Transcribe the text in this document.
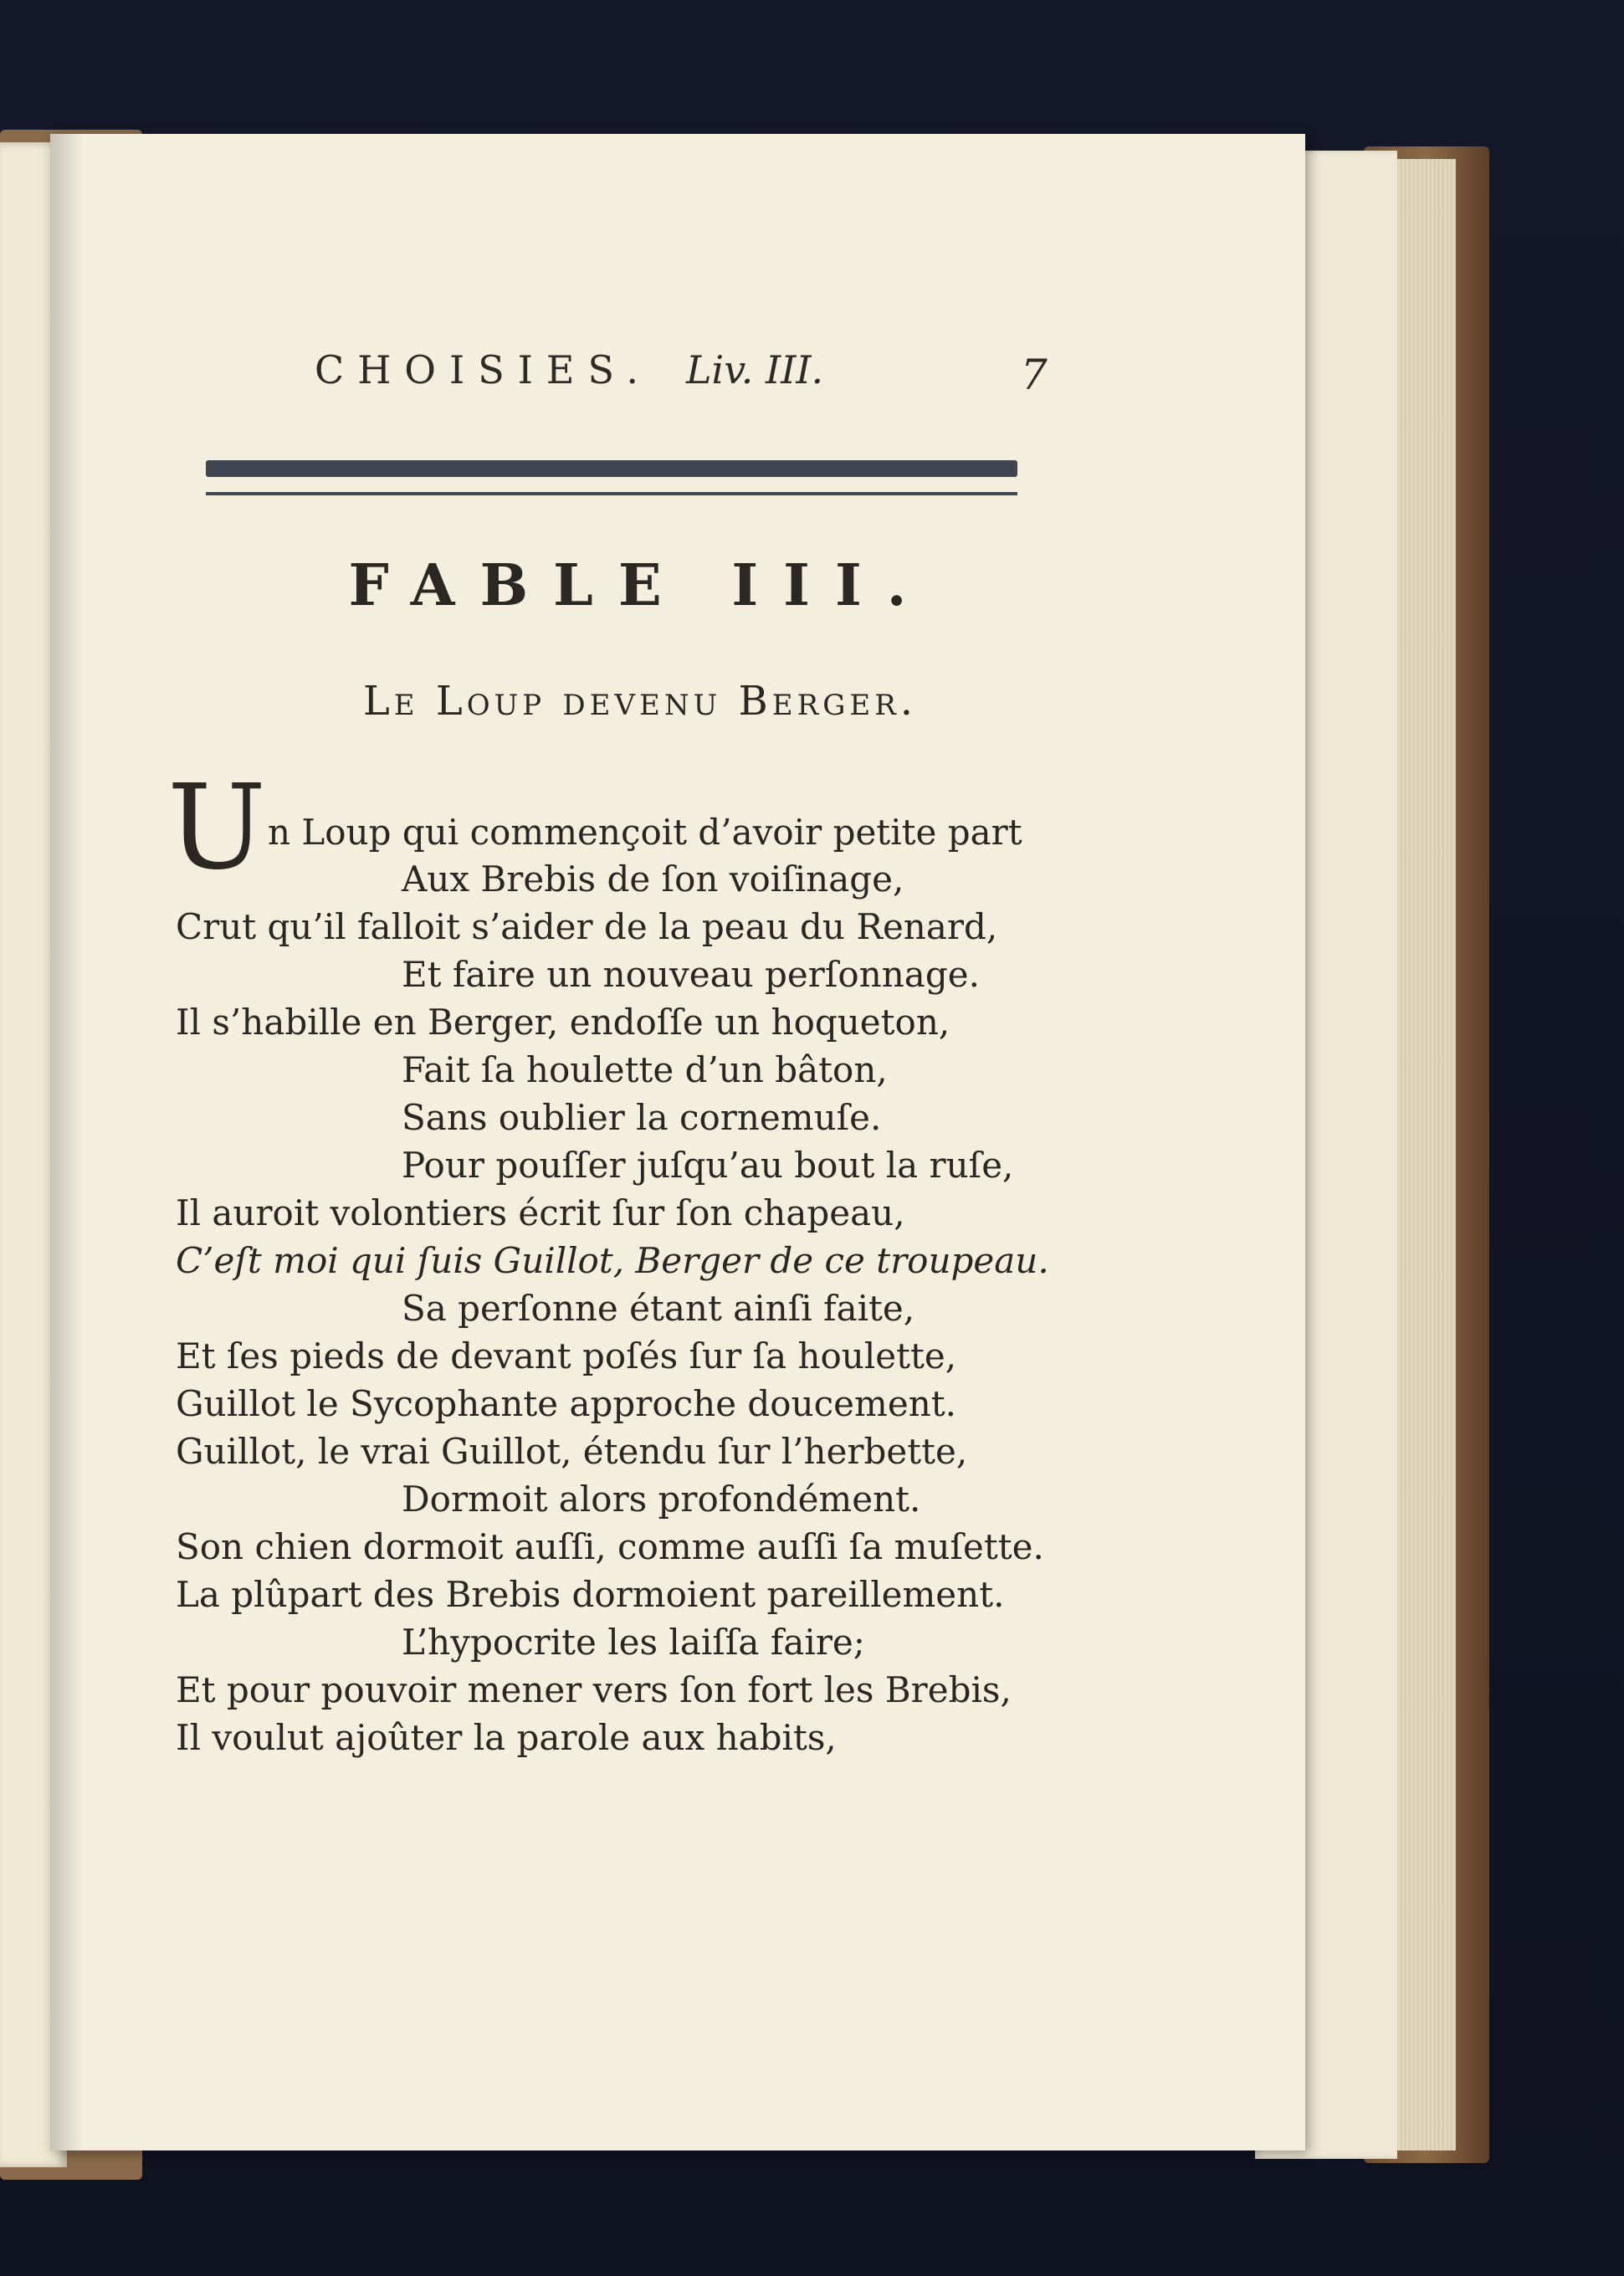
CHOISIES. Liv. III.	7
FABLE III.
Le Loup devenu Berger.
U n Loup qui commençoit d’avoir petite part
Aux Brebis de ſon voiſinage,
Crut qu’il falloit s’aider de la peau du Renard,
Et faire un nouveau perſonnage.
Il s’habille en Berger, endoſſe un hoqueton,
Fait ſa houlette d’un bâton,
Sans oublier la cornemuſe.
Pour pouſſer juſqu’au bout la ruſe,
Il auroit volontiers écrit ſur ſon chapeau,
C’eſt moi qui ſuis Guillot, Berger de ce troupeau.
Sa perſonne étant ainſi faite,
Et ſes pieds de devant poſés ſur ſa houlette,
Guillot le Sycophante approche doucement.
Guillot, le vrai Guillot, étendu ſur l’herbette,
Dormoit alors profondément.
Son chien dormoit auſſi, comme auſſi ſa muſette.
La plûpart des Brebis dormoient pareillement.
L’hypocrite les laiſſa faire;
Et pour pouvoir mener vers ſon fort les Brebis,
Il voulut ajoûter la parole aux habits,
